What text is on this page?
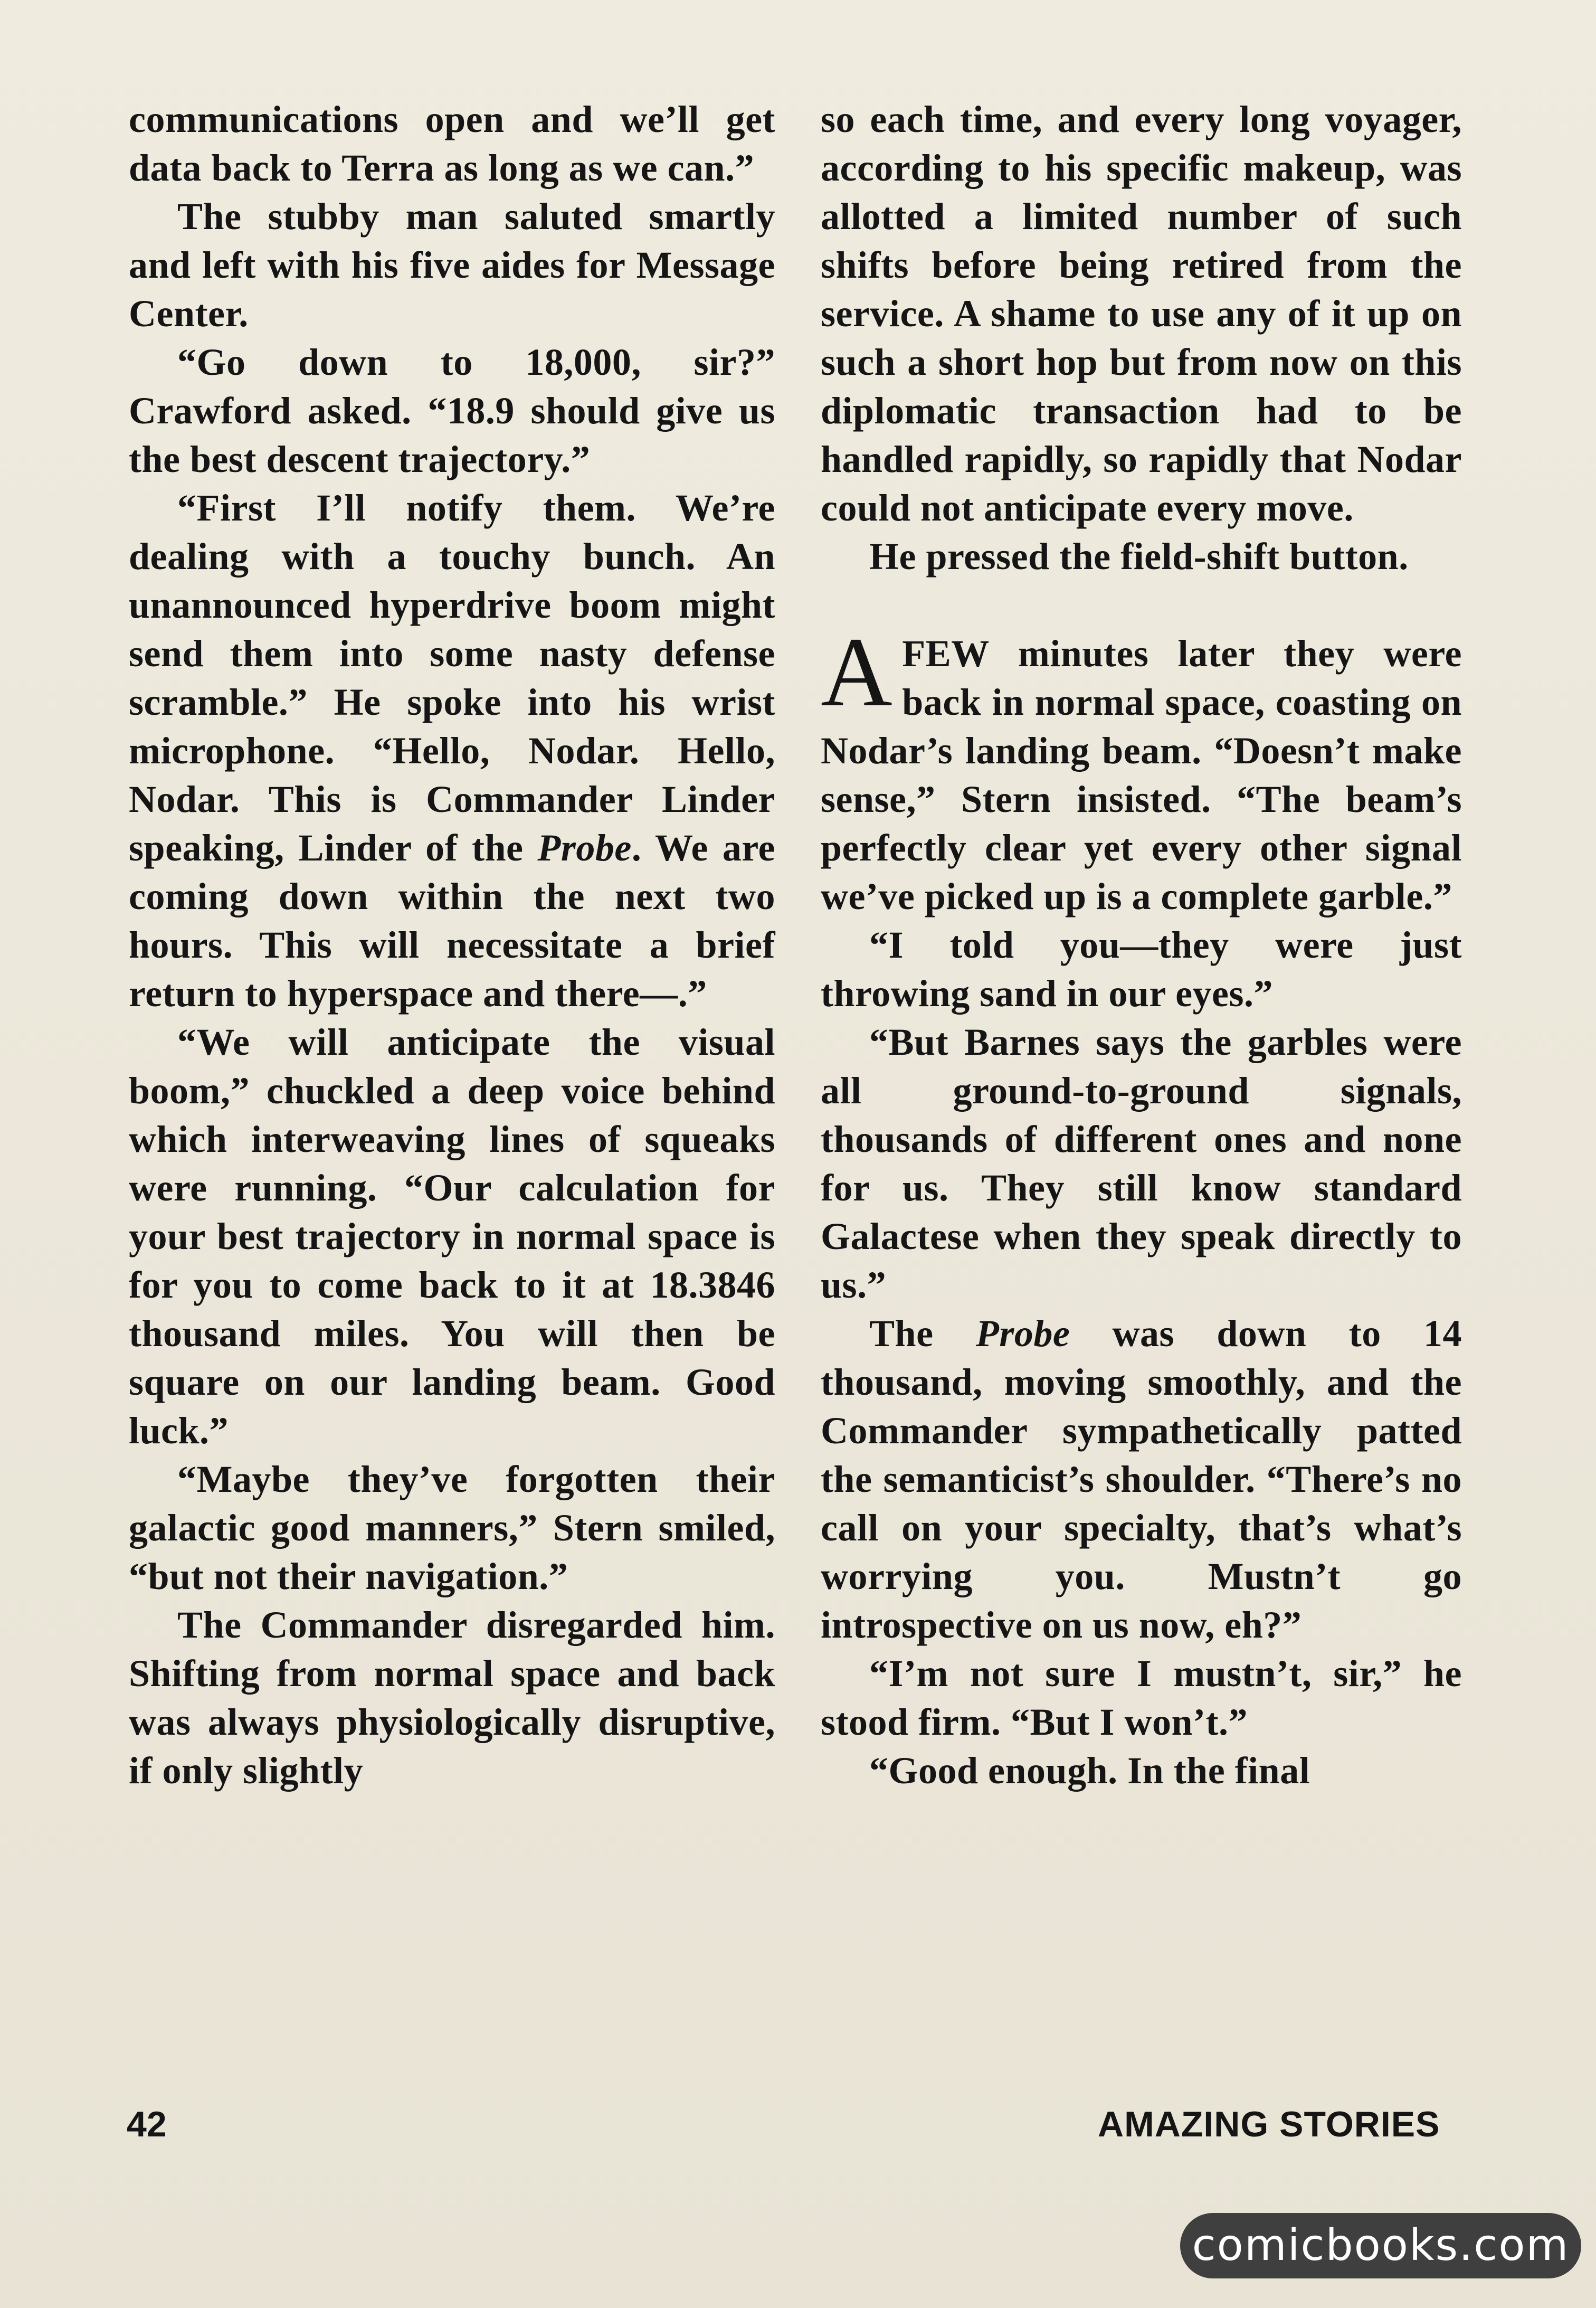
communications open and we’ll get data back to Terra as long as we can.”

The stubby man saluted smartly and left with his five aides for Message Center.

“Go down to 18,000, sir?” Crawford asked. “18.9 should give us the best descent trajectory.”

“First I’ll notify them. We’re dealing with a touchy bunch. An unannounced hyperdrive boom might send them into some nasty defense scramble.” He spoke into his wrist microphone. “Hello, Nodar. Hello, Nodar. This is Commander Linder speaking, Linder of the Probe. We are coming down within the next two hours. This will necessitate a brief return to hyperspace and there—.”

“We will anticipate the visual boom,” chuckled a deep voice behind which interweaving lines of squeaks were running. “Our calculation for your best trajectory in normal space is for you to come back to it at 18.3846 thousand miles. You will then be square on our landing beam. Good luck.”

“Maybe they’ve forgotten their galactic good manners,” Stern smiled, “but not their navigation.”

The Commander disregarded him. Shifting from normal space and back was always physiologically disruptive, if only slightly

so each time, and every long voyager, according to his specific makeup, was allotted a limited number of such shifts before being retired from the service. A shame to use any of it up on such a short hop but from now on this diplomatic transaction had to be handled rapidly, so rapidly that Nodar could not anticipate every move.

He pressed the field-shift button.

AFEW minutes later they were back in normal space, coasting on Nodar’s landing beam. “Doesn’t make sense,” Stern insisted. “The beam’s perfectly clear yet every other signal we’ve picked up is a complete garble.”

“I told you—they were just throwing sand in our eyes.”

“But Barnes says the garbles were all ground-to-ground signals, thousands of different ones and none for us. They still know standard Galactese when they speak directly to us.”

The Probe was down to 14 thousand, moving smoothly, and the Commander sympathetically patted the semanticist’s shoulder. “There’s no call on your specialty, that’s what’s worrying you. Mustn’t go introspective on us now, eh?”

“I’m not sure I mustn’t, sir,” he stood firm. “But I won’t.”

“Good enough. In the final

42	AMAZING STORIES
comicbooks.com
